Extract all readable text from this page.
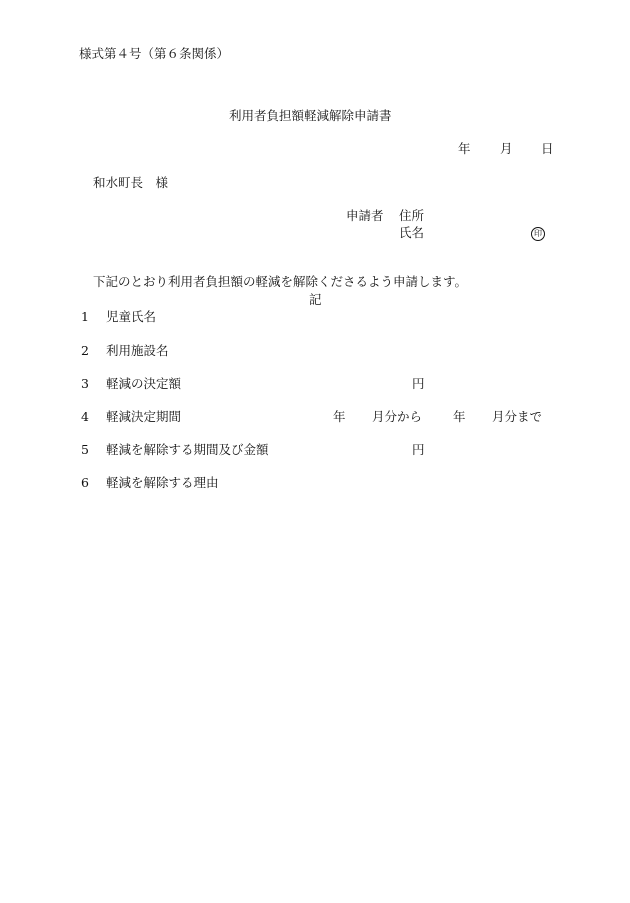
様式第４号（第６条関係）
利用者負担額軽減解除申請書
年 月 日
和水町長　様
申請者 住所
氏名	印
下記のとおり利用者負担額の軽減を解除くださるよう申請します。
記
1 児童氏名
2 利用施設名
3 軽減の決定額	円
4 軽減決定期間	年 月分から 年 月分まで
5 軽減を解除する期間及び金額	円
6 軽減を解除する理由
